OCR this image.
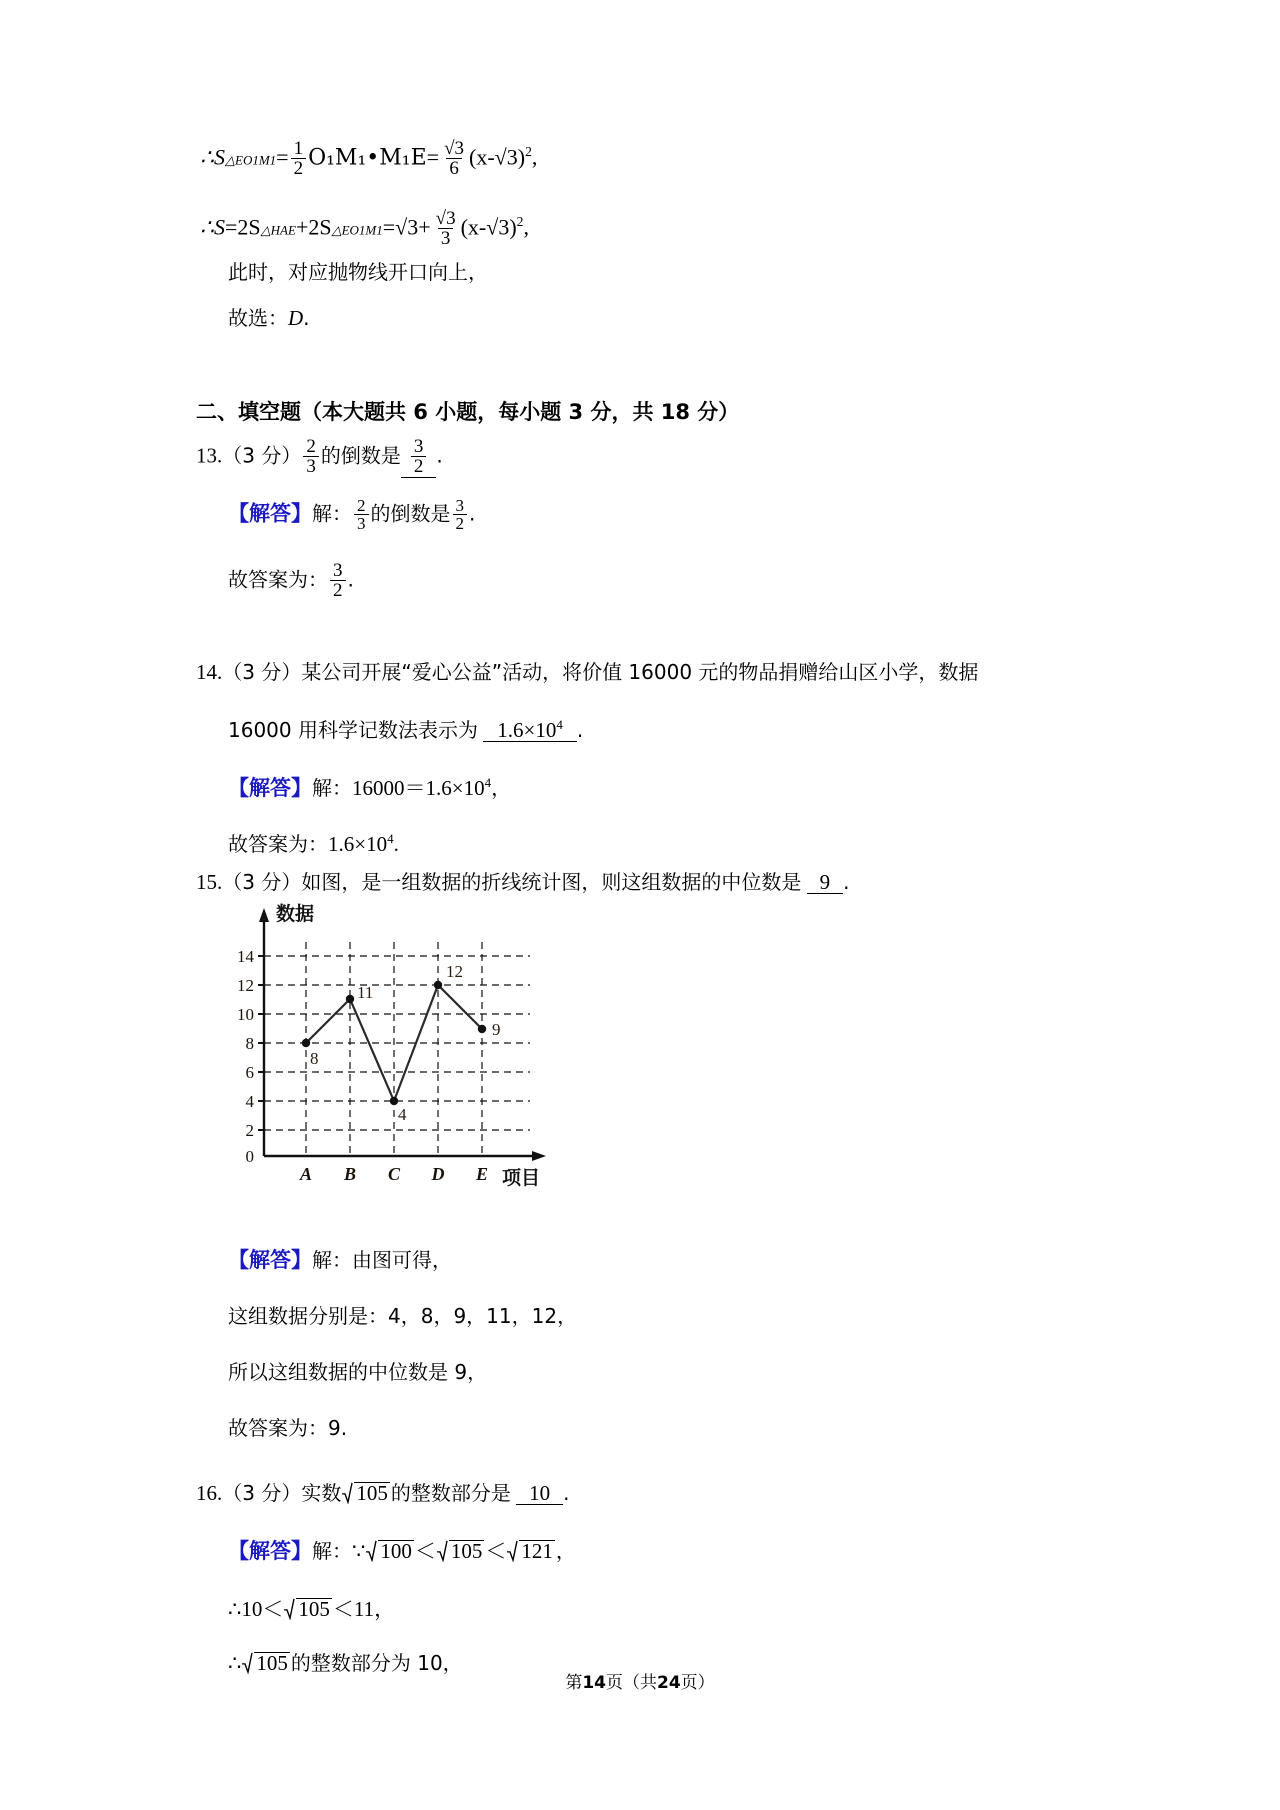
∴S△EO1M1= $\frac{1}{2}$ O₁M₁•M₁E= $\frac{√3}{6} (x-√3)^2$,
∴S=2S△HAE+2S△EO1M1=√3+ $\frac{√3}{3} (x-√3)^2$,
此时，对应抛物线开口向上，
故选：D.
二、填空题（本大题共 6 小题，每小题 3 分，共 18 分）
13.（3 分） $\frac{2}{3}$ 的倒数是 $\frac{3}{2}$ .
【解答】解： $\frac{2}{3}$ 的倒数是 $\frac{3}{2}$ .
故答案为： $\frac{3}{2}$ .
14.（3 分）某公司开展“爱心公益”活动，将价值 16000 元的物品捐赠给山区小学，数据
16000 用科学记数法表示为 $1.6\times 10^4$ .
【解答】解：$16000=1.6\times 10^4$，
故答案为：$1.6\times 10^4$.
15.（3 分）如图，是一组数据的折线统计图，则这组数据的中位数是 9 .
0
2
4
6
8
10
12
14
A B C D E
8
11
4
12
9
数据
项目
【解答】解：由图可得，
这组数据分别是：4，8，9，11，12，
所以这组数据的中位数是 9，
故答案为：9.
16.（3 分）实数 105 的整数部分是 10 .
【解答】解：∵ 100 ＜ 105 ＜ 121 ，
∴10＜ 105 ＜11，
∴ 105 的整数部分为 10，
第14页（共24页）
